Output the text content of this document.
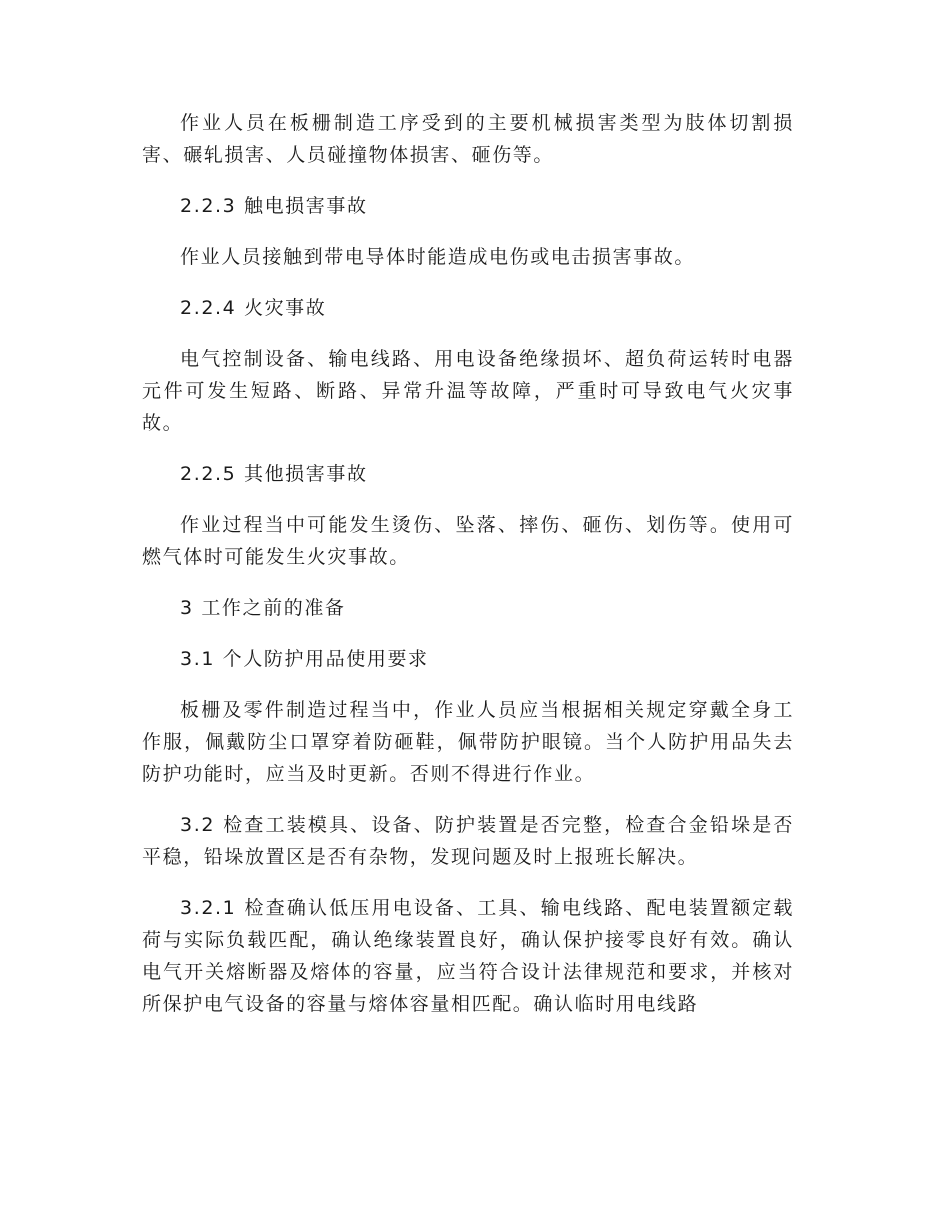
作业人员在板栅制造工序受到的主要机械损害类型为肢体切割损害、碾轧损害、人员碰撞物体损害、砸伤等。

2.2.3 触电损害事故

作业人员接触到带电导体时能造成电伤或电击损害事故。

2.2.4 火灾事故

电气控制设备、输电线路、用电设备绝缘损坏、超负荷运转时电器元件可发生短路、断路、异常升温等故障，严重时可导致电气火灾事故。

2.2.5 其他损害事故

作业过程当中可能发生烫伤、坠落、摔伤、砸伤、划伤等。使用可燃气体时可能发生火灾事故。

3 工作之前的准备

3.1 个人防护用品使用要求

板栅及零件制造过程当中，作业人员应当根据相关规定穿戴全身工作服，佩戴防尘口罩穿着防砸鞋，佩带防护眼镜。当个人防护用品失去防护功能时，应当及时更新。否则不得进行作业。

3.2 检查工装模具、设备、防护装置是否完整，检查合金铅垛是否平稳，铅垛放置区是否有杂物，发现问题及时上报班长解决。

3.2.1 检查确认低压用电设备、工具、输电线路、配电装置额定载荷与实际负载匹配，确认绝缘装置良好，确认保护接零良好有效。确认电气开关熔断器及熔体的容量，应当符合设计法律规范和要求，并核对所保护电气设备的容量与熔体容量相匹配。确认临时用电线路
